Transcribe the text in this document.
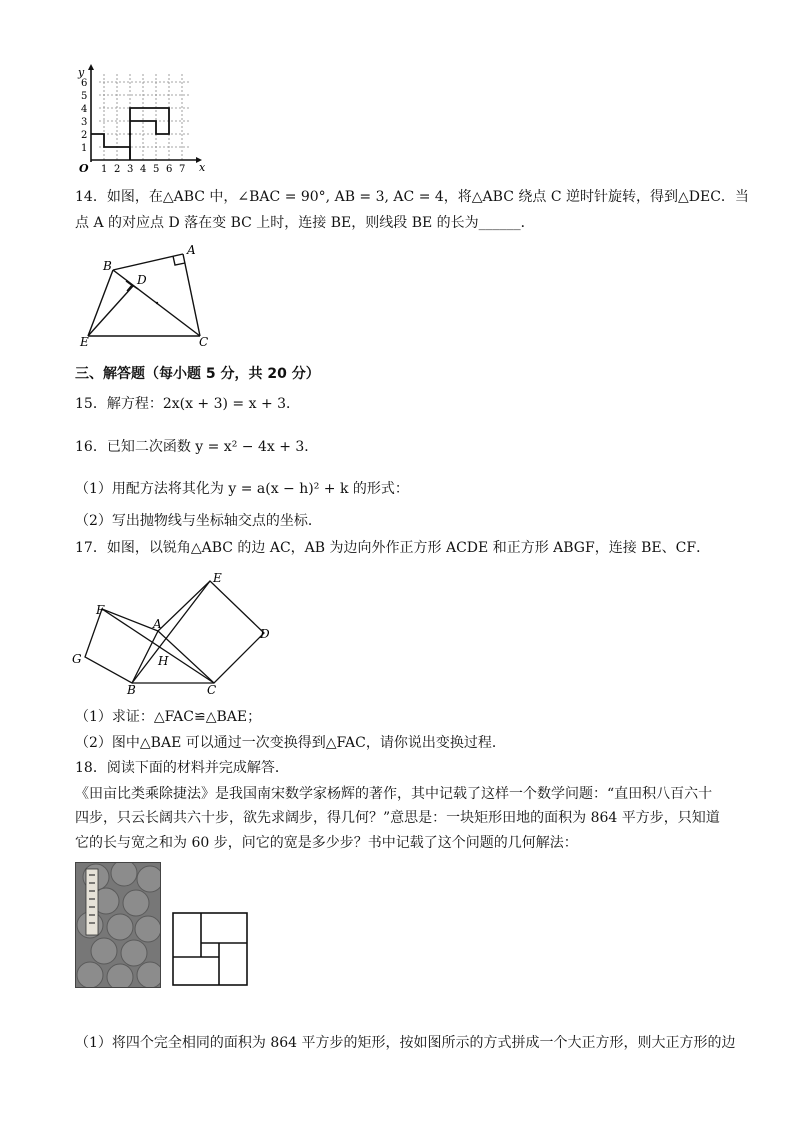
y
x
O 1 2 3 4 5 6 7
1
2
3
4
5
6
14．如图，在△ABC 中，∠BAC = 90°, AB = 3, AC = 4，将△ABC 绕点 C 逆时针旋转，得到△DEC．当
点 A 的对应点 D 落在变 BC 上时，连接 BE，则线段 BE 的长为______．
B
A
D
E	C
三、解答题（每小题 5 分，共 20 分）
15．解方程：2x(x + 3) = x + 3．
16．已知二次函数 y = x² − 4x + 3．
（1）用配方法将其化为 y = a(x − h)² + k 的形式：
（2）写出抛物线与坐标轴交点的坐标．
17．如图，以锐角△ABC 的边 AC，AB 为边向外作正方形 ACDE 和正方形 ABGF，连接 BE、CF．
F
G
A
H
B	C
E
D
（1）求证：△FAC≌△BAE；
（2）图中△BAE 可以通过一次变换得到△FAC，请你说出变换过程．
18．阅读下面的材料并完成解答．
《田亩比类乘除捷法》是我国南宋数学家杨辉的著作，其中记载了这样一个数学问题：“直田积八百六十
四步，只云长阔共六十步，欲先求阔步，得几何？”意思是：一块矩形田地的面积为 864 平方步，只知道
它的长与宽之和为 60 步，问它的宽是多少步？书中记载了这个问题的几何解法：
（1）将四个完全相同的面积为 864 平方步的矩形，按如图所示的方式拼成一个大正方形，则大正方形的边
